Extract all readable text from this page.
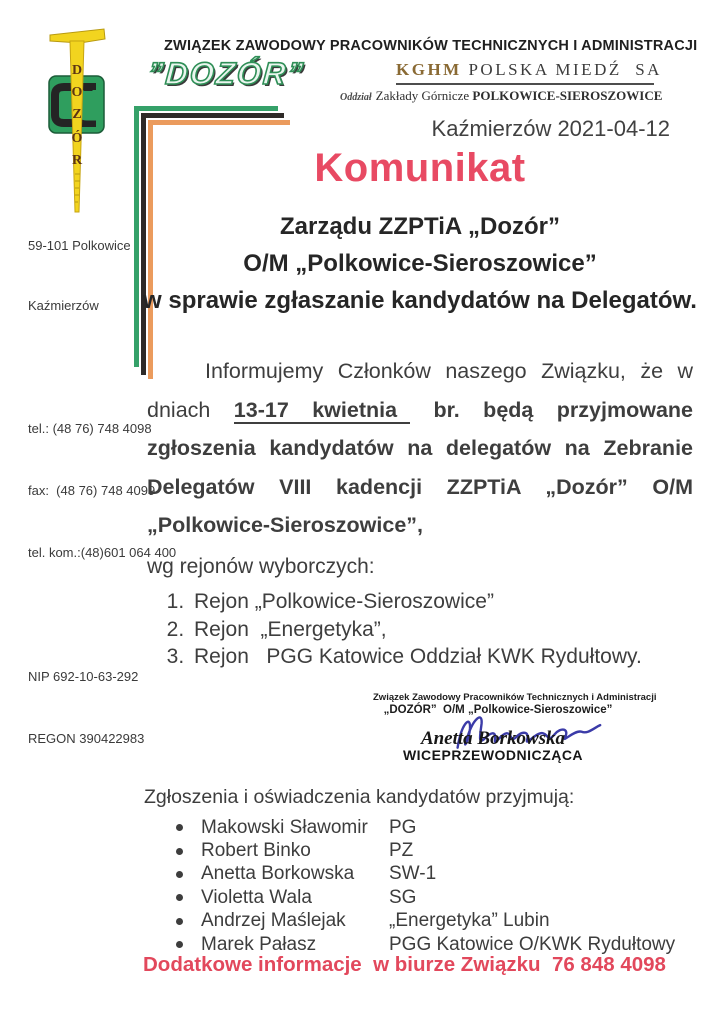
D
O
Z
Ó
R
ZWIĄZEK ZAWODOWY PRACOWNIKÓW TECHNICZNYCH I ADMINISTRACJI
”DOZÓR”	KGHM POLSKA MIEDŹ  SA
Oddział Zakłady Górnicze POLKOWICE-SIEROSZOWICE

59-101 Polkowice

Kaźmierzów

tel.: (48 76) 748 4098

fax:  (48 76) 748 4099

tel. kom.:(48)601 064 400

NIP 692-10-63-292

REGON 390422983

Kaźmierzów 2021-04-12
Komunikat
Zarządu ZZPTiA „Dozór”
O/M „Polkowice-Sieroszowice”
w sprawie zgłaszanie kandydatów na Delegatów.
Informujemy Członków naszego Związku, że w dniach 13-17 kwietnia br. będą przyjmowane zgłoszenia kandydatów na delegatów na Zebranie Delegatów VIII kadencji ZZPTiA „Dozór” O/M „Polkowice-Sieroszowice”,
wg rejonów wyborczych:
1. Rejon „Polkowice-Sieroszowice”
2. Rejon  „Energetyka”,
3. Rejon   PGG Katowice Oddział KWK Rydułtowy.
Związek Zawodowy Pracowników Technicznych i Administracji
„DOZÓR”  O/M „Polkowice-Sieroszowice”
Anetta Borkowska
WICEPRZEWODNICZĄCA
Zgłoszenia i oświadczenia kandydatów przyjmują:
Makowski Sławomir	PG
Robert Binko	PZ
Anetta Borkowska	SW-1
Violetta Wala	SG
Andrzej Maślejak	„Energetyka” Lubin
Marek Pałasz	PGG Katowice O/KWK Rydułtowy
Dodatkowe informacje  w biurze Związku  76 848 4098
